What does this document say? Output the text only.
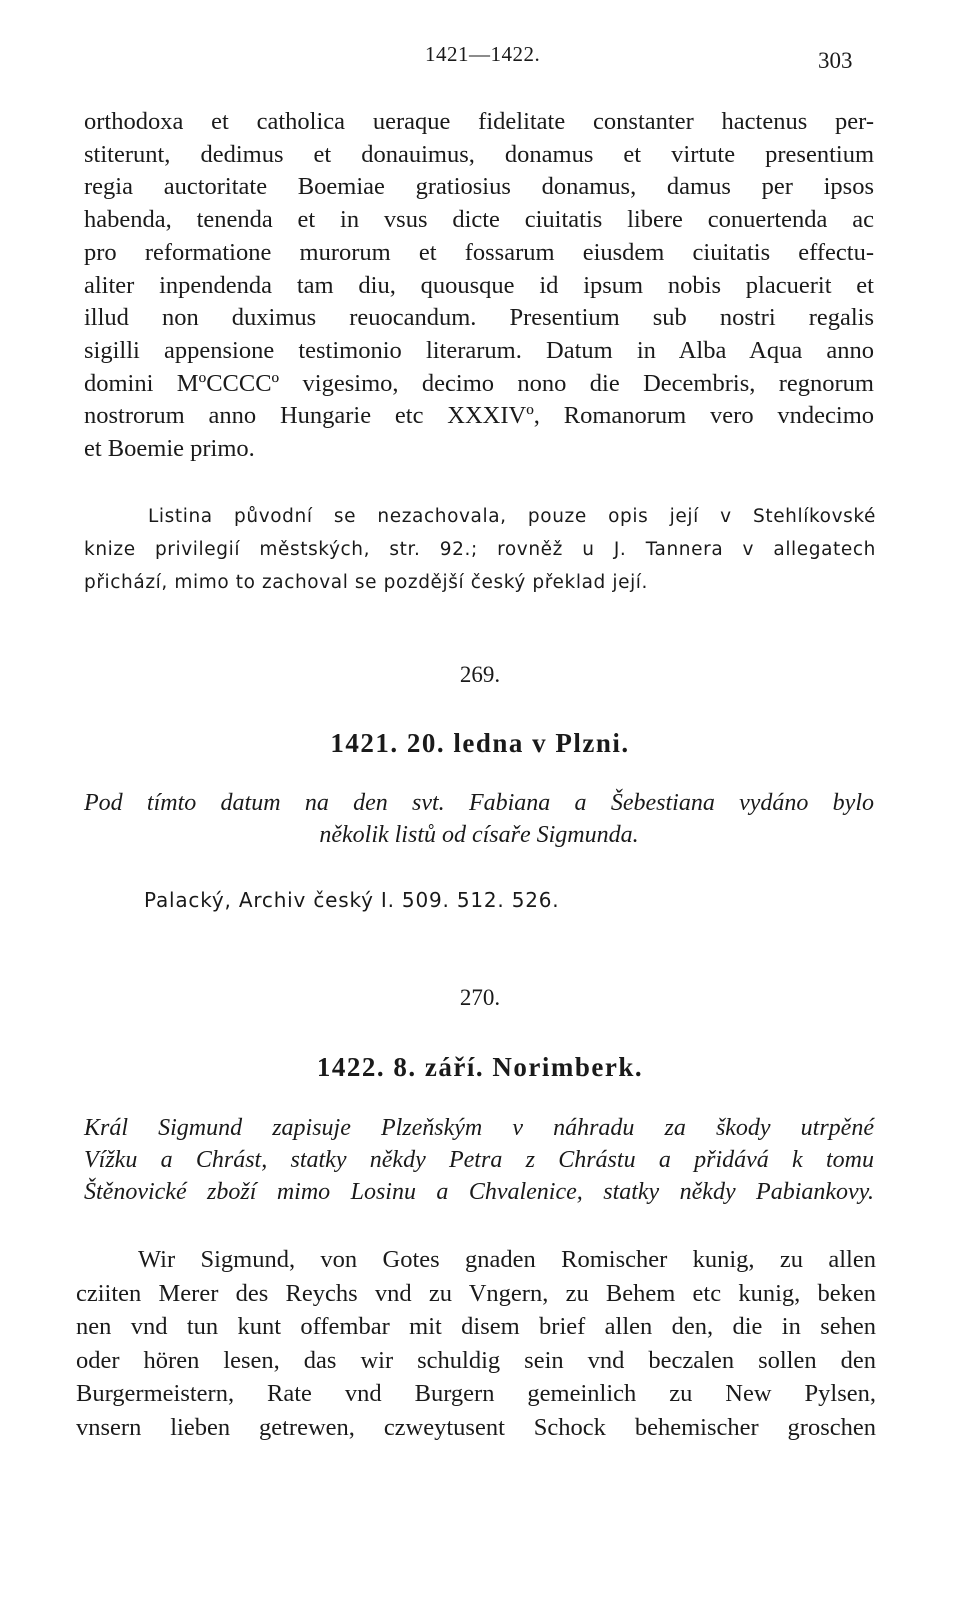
1421—1422.	303

orthodoxa et catholica ueraque fidelitate constanter hactenus per-
stiterunt, dedimus et donauimus, donamus et virtute presentium
regia auctoritate Boemiae gratiosius donamus, damus per ipsos
habenda, tenenda et in vsus dicte ciuitatis libere conuertenda ac
pro reformatione murorum et fossarum eiusdem ciuitatis effectu-
aliter inpendenda tam diu, quousque id ipsum nobis placuerit et
illud non duximus reuocandum. Presentium sub nostri regalis
sigilli appensione testimonio literarum. Datum in Alba Aqua anno
domini MºCCCCº vigesimo, decimo nono die Decembris, regnorum
nostrorum anno Hungarie etc XXXIVº, Romanorum vero vndecimo
et Boemie primo.

Listina původní se nezachovala, pouze opis její v Stehlíkovské
knize privilegií městských, str. 92.; rovněž u J. Tannera v allegatech
přichází, mimo to zachoval se pozdější český překlad její.

269.
1421. 20. ledna v Plzni.

Pod tímto datum na den svt. Fabiana a Šebestiana vydáno bylo
několik listů od císaře Sigmunda.

Palacký, Archiv český I. 509. 512. 526.
270.
1422. 8. září. Norimberk.

Král Sigmund zapisuje Plzeňským v náhradu za škody utrpěné
Vížku a Chrást, statky někdy Petra z Chrástu a přidává k tomu
Štěnovické zboží mimo Losinu a Chvalenice, statky někdy Pabiankovy.

Wir Sigmund, von Gotes gnaden Romischer kunig, zu allen
cziiten Merer des Reychs vnd zu Vngern, zu Behem etc kunig, beken
nen vnd tun kunt offembar mit disem brief allen den, die in sehen
oder hören lesen, das wir schuldig sein vnd beczalen sollen den
Burgermeistern, Rate vnd Burgern gemeinlich zu New Pylsen,
vnsern lieben getrewen, czweytusent Schock behemischer groschen
